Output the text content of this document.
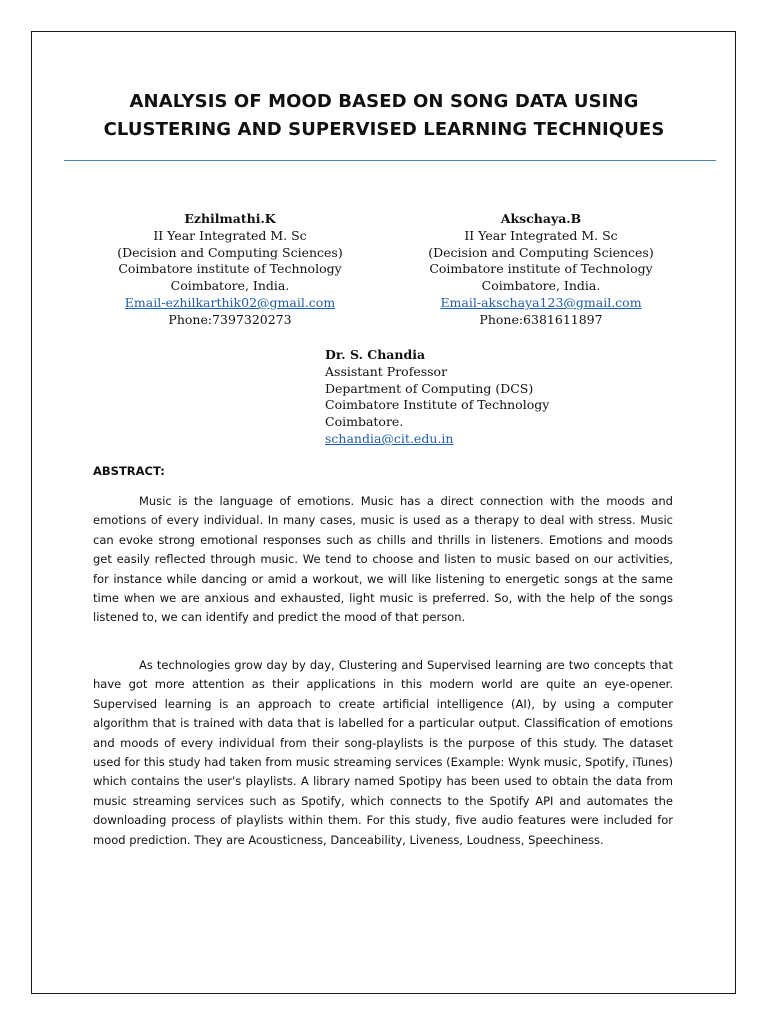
ANALYSIS OF MOOD BASED ON SONG DATA USING
CLUSTERING AND SUPERVISED LEARNING TECHNIQUES
Ezhilmathi.K
II Year Integrated M. Sc
(Decision and Computing Sciences)
Coimbatore institute of Technology
Coimbatore, India.
Email-ezhilkarthik02@gmail.com
Phone:7397320273
Akschaya.B
II Year Integrated M. Sc
(Decision and Computing Sciences)
Coimbatore institute of Technology
Coimbatore, India.
Email-akschaya123@gmail.com
Phone:6381611897
Dr. S. Chandia
Assistant Professor
Department of Computing (DCS)
Coimbatore Institute of Technology
Coimbatore.
schandia@cit.edu.in
ABSTRACT:

Music is the language of emotions. Music has a direct connection with the moods and emotions of every individual. In many cases, music is used as a therapy to deal with stress. Music can evoke strong emotional responses such as chills and thrills in listeners. Emotions and moods get easily reflected through music. We tend to choose and listen to music based on our activities, for instance while dancing or amid a workout, we will like listening to energetic songs at the same time when we are anxious and exhausted, light music is preferred. So, with the help of the songs listened to, we can identify and predict the mood of that person.

As technologies grow day by day, Clustering and Supervised learning are two concepts that have got more attention as their applications in this modern world are quite an eye-opener. Supervised learning is an approach to create artificial intelligence (AI), by using a computer algorithm that is trained with data that is labelled for a particular output. Classification of emotions and moods of every individual from their song-playlists is the purpose of this study. The dataset used for this study had taken from music streaming services (Example: Wynk music, Spotify, iTunes) which contains the user's playlists. A library named Spotipy has been used to obtain the data from music streaming services such as Spotify, which connects to the Spotify API and automates the downloading process of playlists within them. For this study, five audio features were included for mood prediction. They are Acousticness, Danceability, Liveness, Loudness, Speechiness.
